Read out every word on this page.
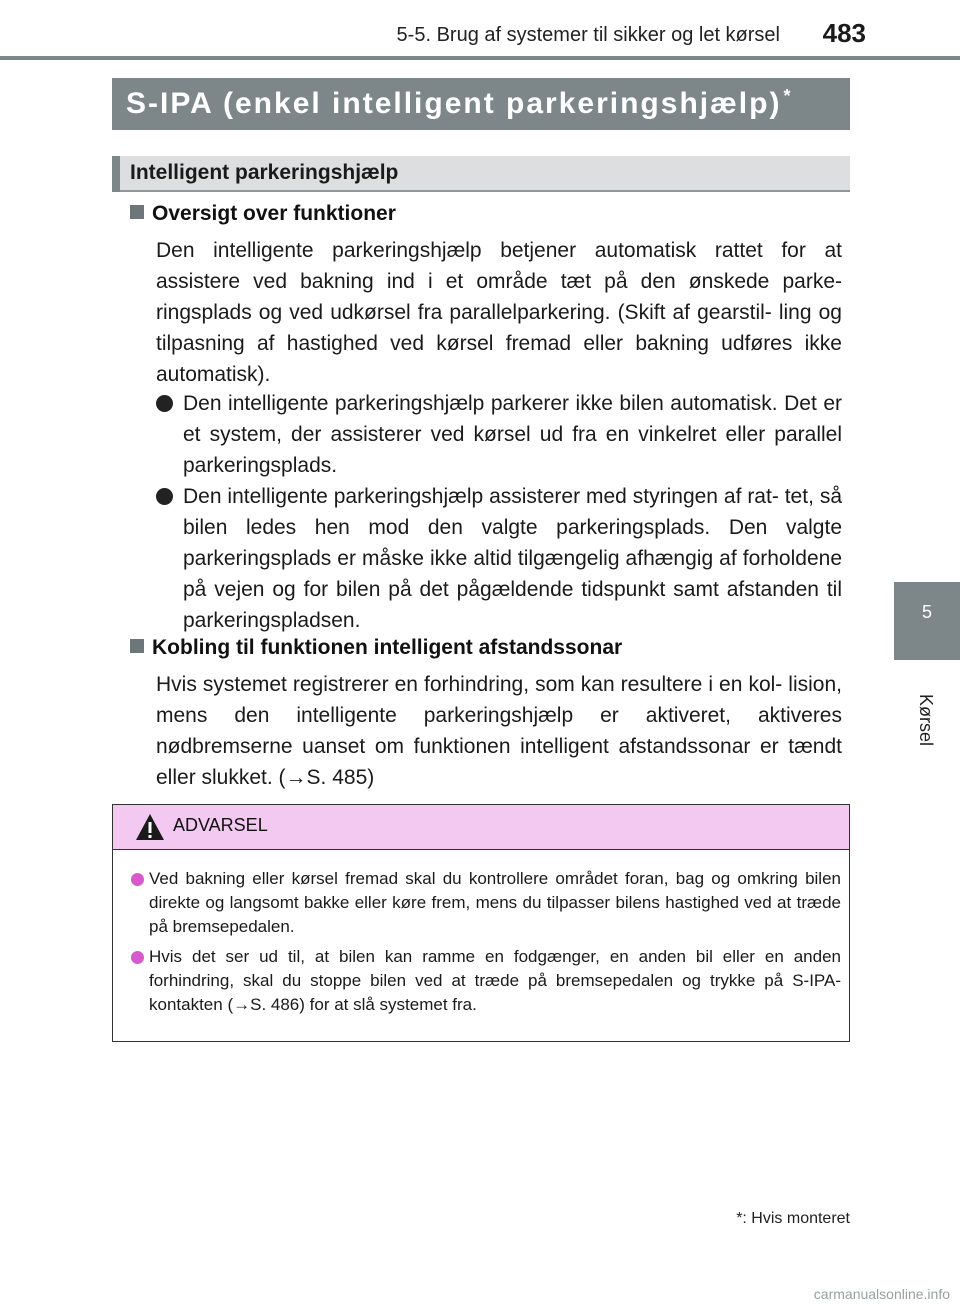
5-5. Brug af systemer til sikker og let kørsel	483
5
Kørsel
S-IPA (enkel intelligent parkeringshjælp) *
Intelligent parkeringshjælp
Oversigt over funktioner
Den intelligente parkeringshjælp betjener automatisk rattet for at assistere ved bakning ind i et område tæt på den ønskede parke- ringsplads og ved udkørsel fra parallelparkering. (Skift af gearstil- ling og tilpasning af hastighed ved kørsel fremad eller bakning udføres ikke automatisk).
Den intelligente parkeringshjælp parkerer ikke bilen automatisk. Det er et system, der assisterer ved kørsel ud fra en vinkelret eller parallel parkeringsplads.
Den intelligente parkeringshjælp assisterer med styringen af rat- tet, så bilen ledes hen mod den valgte parkeringsplads. Den valgte parkeringsplads er måske ikke altid tilgængelig afhængig af forholdene på vejen og for bilen på det pågældende tidspunkt samt afstanden til parkeringspladsen.
Kobling til funktionen intelligent afstandssonar
Hvis systemet registrerer en forhindring, som kan resultere i en kol- lision, mens den intelligente parkeringshjælp er aktiveret, aktiveres nødbremserne uanset om funktionen intelligent afstandssonar er tændt eller slukket. (→S. 485)
ADVARSEL
Ved bakning eller kørsel fremad skal du kontrollere området foran, bag og omkring bilen direkte og langsomt bakke eller køre frem, mens du tilpasser bilens hastighed ved at træde på bremsepedalen.
Hvis det ser ud til, at bilen kan ramme en fodgænger, en anden bil eller en anden forhindring, skal du stoppe bilen ved at træde på bremsepedalen og trykke på S-IPA-kontakten (→S. 486) for at slå systemet fra.
*: Hvis monteret
carmanualsonline.info
